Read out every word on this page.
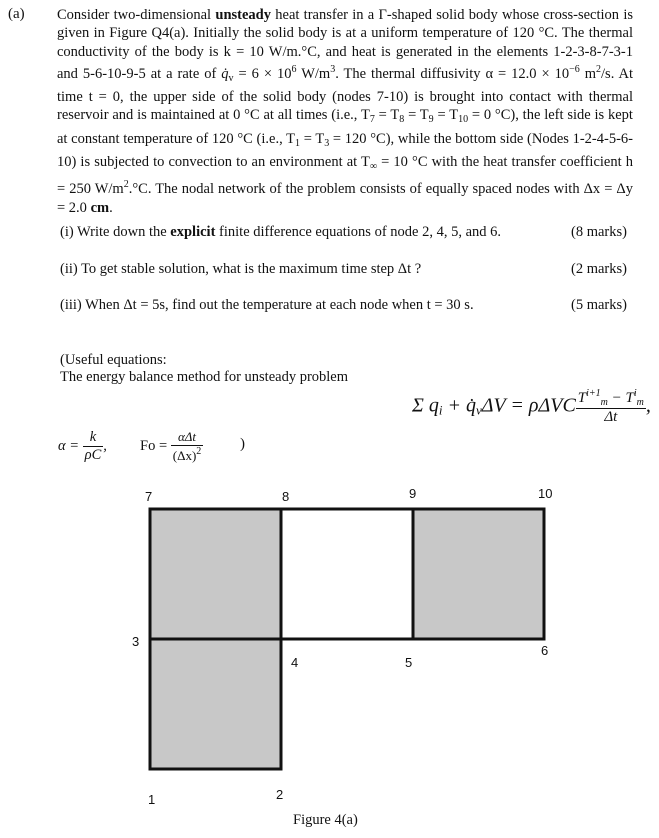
(a) Consider two-dimensional unsteady heat transfer in a Γ-shaped solid body whose cross-section is given in Figure Q4(a). Initially the solid body is at a uniform temperature of 120 °C. The thermal conductivity of the body is k = 10 W/m.°C, and heat is generated in the elements 1-2-3-8-7-3-1 and 5-6-10-9-5 at a rate of $q̇_v = 6 \times 10^6$ $W/m^3$. The thermal diffusivity $\alpha = 12.0 \times 10^{-6}$ $m^2/s$. At time t = 0, the upper side of the solid body (nodes 7-10) is brought into contact with thermal reservoir and is maintained at 0 °C at all times (i.e., $T_7 = T_8 = T_9 = T_{10} = 0$ °C), the left side is kept at constant temperature of 120 °C (i.e., $T_1 = T_3 = 120$ °C), while the bottom side (Nodes 1-2-4-5-6-10) is subjected to convection to an environment at $T_\infty = 10$ °C with the heat transfer coefficient h = 250 $W/m^2.^\circ C$. The nodal network of the problem consists of equally spaced nodes with Δx = Δy = 2.0 cm.
(i) Write down the explicit finite difference equations of node 2, 4, 5, and 6.	(8 marks)
(ii) To get stable solution, what is the maximum time step Δt ?	(2 marks)
(iii) When Δt = 5s, find out the temperature at each node when t = 30 s.	(5 marks)
(Useful equations:
The energy balance method for unsteady problem
Σ $q_i$ + $q̇_v\Delta V = \rho\Delta VC \frac{T^{i+1}_m - T^i_m}{\Delta t}$ ,
$\alpha = \frac{k}{\rho C}$ , $Fo = \frac{\text{αΔt}}{(\Delta x)^2}$ )
7	8	9	10
3
4	5
6
1	2
Figure 4(a)
